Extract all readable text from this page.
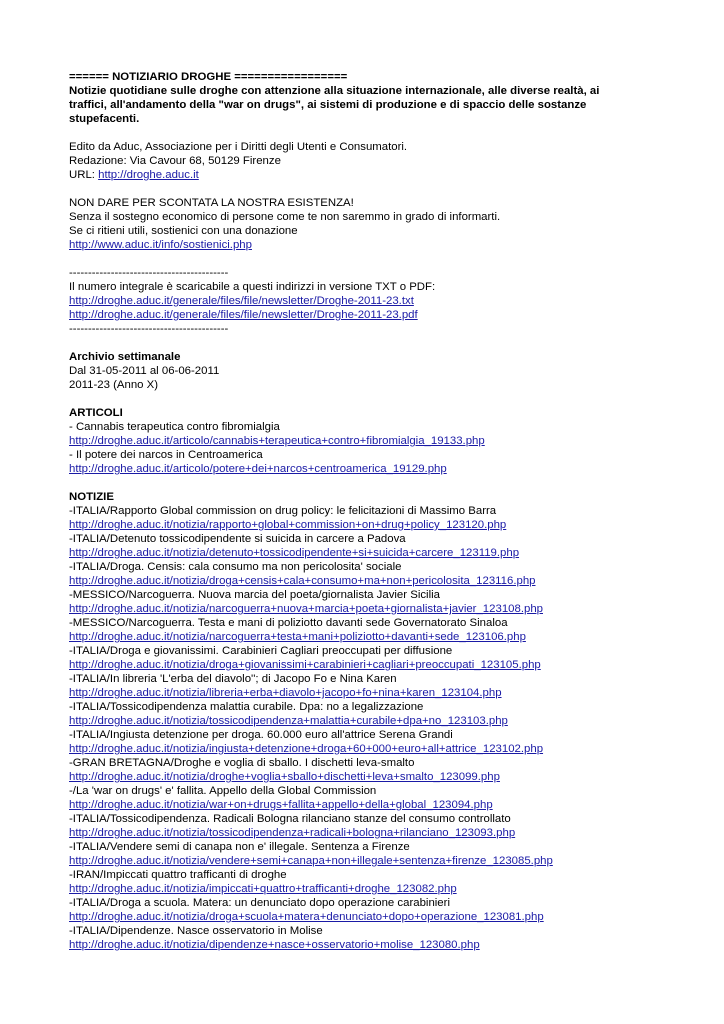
====== NOTIZIARIO DROGHE =================
Notizie quotidiane sulle droghe con attenzione alla situazione internazionale, alle diverse realtà, ai
traffici, all'andamento della "war on drugs", ai sistemi di produzione e di spaccio delle sostanze
stupefacenti.
Edito da Aduc, Associazione per i Diritti degli Utenti e Consumatori.
Redazione: Via Cavour 68, 50129 Firenze
URL: http://droghe.aduc.it
NON DARE PER SCONTATA LA NOSTRA ESISTENZA!
Senza il sostegno economico di persone come te non saremmo in grado di informarti.
Se ci ritieni utili, sostienici con una donazione
http://www.aduc.it/info/sostienici.php
------------------------------------------
Il numero integrale è scaricabile a questi indirizzi in versione TXT o PDF:
http://droghe.aduc.it/generale/files/file/newsletter/Droghe-2011-23.txt
http://droghe.aduc.it/generale/files/file/newsletter/Droghe-2011-23.pdf
------------------------------------------
Archivio settimanale
Dal 31-05-2011 al 06-06-2011
2011-23 (Anno X)
ARTICOLI
- Cannabis terapeutica contro fibromialgia
http://droghe.aduc.it/articolo/cannabis+terapeutica+contro+fibromialgia_19133.php
- Il potere dei narcos in Centroamerica
http://droghe.aduc.it/articolo/potere+dei+narcos+centroamerica_19129.php
NOTIZIE
-ITALIA/Rapporto Global commission on drug policy: le felicitazioni di Massimo Barra
http://droghe.aduc.it/notizia/rapporto+global+commission+on+drug+policy_123120.php
-ITALIA/Detenuto tossicodipendente si suicida in carcere a Padova
http://droghe.aduc.it/notizia/detenuto+tossicodipendente+si+suicida+carcere_123119.php
-ITALIA/Droga. Censis: cala consumo ma non pericolosita' sociale
http://droghe.aduc.it/notizia/droga+censis+cala+consumo+ma+non+pericolosita_123116.php
-MESSICO/Narcoguerra. Nuova marcia del poeta/giornalista Javier Sicilia
http://droghe.aduc.it/notizia/narcoguerra+nuova+marcia+poeta+giornalista+javier_123108.php
-MESSICO/Narcoguerra. Testa e mani di poliziotto davanti sede Governatorato Sinaloa
http://droghe.aduc.it/notizia/narcoguerra+testa+mani+poliziotto+davanti+sede_123106.php
-ITALIA/Droga e giovanissimi. Carabinieri Cagliari preoccupati per diffusione
http://droghe.aduc.it/notizia/droga+giovanissimi+carabinieri+cagliari+preoccupati_123105.php
-ITALIA/In libreria 'L'erba del diavolo''; di Jacopo Fo e Nina Karen
http://droghe.aduc.it/notizia/libreria+erba+diavolo+jacopo+fo+nina+karen_123104.php
-ITALIA/Tossicodipendenza malattia curabile. Dpa: no a legalizzazione
http://droghe.aduc.it/notizia/tossicodipendenza+malattia+curabile+dpa+no_123103.php
-ITALIA/Ingiusta detenzione per droga. 60.000 euro all'attrice Serena Grandi
http://droghe.aduc.it/notizia/ingiusta+detenzione+droga+60+000+euro+all+attrice_123102.php
-GRAN BRETAGNA/Droghe e voglia di sballo. I dischetti leva-smalto
http://droghe.aduc.it/notizia/droghe+voglia+sballo+dischetti+leva+smalto_123099.php
-/La 'war on drugs' e' fallita. Appello della Global Commission
http://droghe.aduc.it/notizia/war+on+drugs+fallita+appello+della+global_123094.php
-ITALIA/Tossicodipendenza. Radicali Bologna rilanciano stanze del consumo controllato
http://droghe.aduc.it/notizia/tossicodipendenza+radicali+bologna+rilanciano_123093.php
-ITALIA/Vendere semi di canapa non e' illegale. Sentenza a Firenze
http://droghe.aduc.it/notizia/vendere+semi+canapa+non+illegale+sentenza+firenze_123085.php
-IRAN/Impiccati quattro trafficanti di droghe
http://droghe.aduc.it/notizia/impiccati+quattro+trafficanti+droghe_123082.php
-ITALIA/Droga a scuola. Matera: un denunciato dopo operazione carabinieri
http://droghe.aduc.it/notizia/droga+scuola+matera+denunciato+dopo+operazione_123081.php
-ITALIA/Dipendenze. Nasce osservatorio in Molise
http://droghe.aduc.it/notizia/dipendenze+nasce+osservatorio+molise_123080.php
